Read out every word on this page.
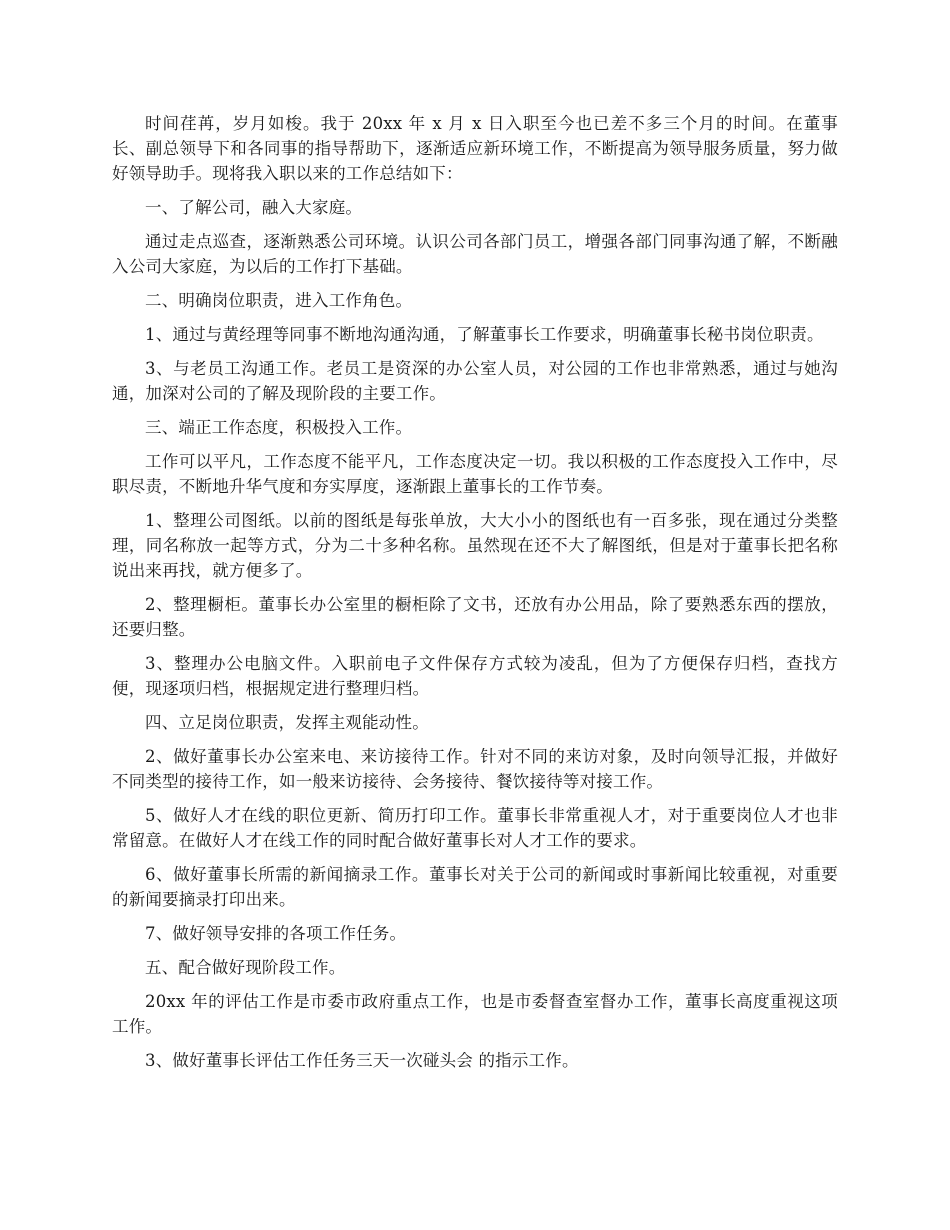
时间荏苒，岁月如梭。我于 20xx 年 x 月 x 日入职至今也已差不多三个月的时间。在董事长、副总领导下和各同事的指导帮助下，逐渐适应新环境工作，不断提高为领导服务质量，努力做好领导助手。现将我入职以来的工作总结如下：

一、了解公司，融入大家庭。

通过走点巡查，逐渐熟悉公司环境。认识公司各部门员工，增强各部门同事沟通了解，不断融入公司大家庭，为以后的工作打下基础。

二、明确岗位职责，进入工作角色。

1、通过与黄经理等同事不断地沟通沟通，了解董事长工作要求，明确董事长秘书岗位职责。

3、与老员工沟通工作。老员工是资深的办公室人员，对公园的工作也非常熟悉，通过与她沟通，加深对公司的了解及现阶段的主要工作。

三、端正工作态度，积极投入工作。

工作可以平凡，工作态度不能平凡，工作态度决定一切。我以积极的工作态度投入工作中，尽职尽责，不断地升华气度和夯实厚度，逐渐跟上董事长的工作节奏。

1、整理公司图纸。以前的图纸是每张单放，大大小小的图纸也有一百多张，现在通过分类整理，同名称放一起等方式，分为二十多种名称。虽然现在还不大了解图纸，但是对于董事长把名称说出来再找，就方便多了。

2、整理橱柜。董事长办公室里的橱柜除了文书，还放有办公用品，除了要熟悉东西的摆放，还要归整。

3、整理办公电脑文件。入职前电子文件保存方式较为凌乱，但为了方便保存归档，查找方便，现逐项归档，根据规定进行整理归档。

四、立足岗位职责，发挥主观能动性。

2、做好董事长办公室来电、来访接待工作。针对不同的来访对象，及时向领导汇报，并做好不同类型的接待工作，如一般来访接待、会务接待、餐饮接待等对接工作。

5、做好人才在线的职位更新、简历打印工作。董事长非常重视人才，对于重要岗位人才也非常留意。在做好人才在线工作的同时配合做好董事长对人才工作的要求。

6、做好董事长所需的新闻摘录工作。董事长对关于公司的新闻或时事新闻比较重视，对重要的新闻要摘录打印出来。

7、做好领导安排的各项工作任务。

五、配合做好现阶段工作。

20xx 年的评估工作是市委市政府重点工作，也是市委督查室督办工作，董事长高度重视这项工作。

3、做好董事长评估工作任务三天一次碰头会 的指示工作。
